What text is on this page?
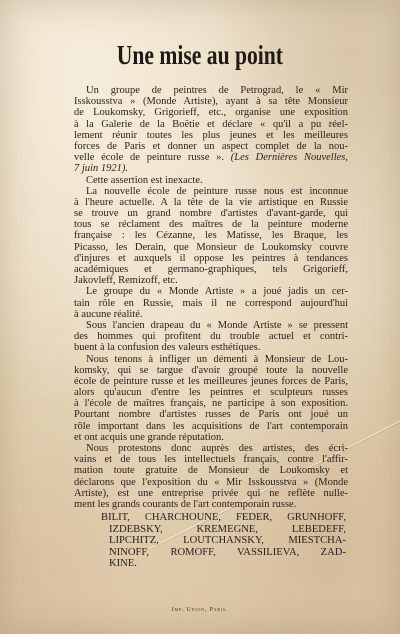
Une mise au point
Un groupe de peintres de Petrograd, le « Mir
Isskousstva » (Monde Artiste), ayant à sa tête Monsieur
de Loukomsky, Grigorieff, etc., organise une exposition
à la Galerie de la Boëtie et déclare « qu'il a pu réel-
lement réunir toutes les plus jeunes et les meilleures
forces de Paris et donner un aspect complet de la nou-
velle école de peinture russe ». (Les Dernières Nouvelles,
7 juin 1921).
Cette assertion est inexacte.
La nouvelle école de peinture russe nous est inconnue
à l'heure actuelle. A la tête de la vie artistique en Russie
se trouve un grand nombre d'artistes d'avant-garde, qui
tous se réclament des maîtres de la peinture moderne
française : les Cézanne, les Matisse, les Braque, les
Picasso, les Derain, que Monsieur de Loukomsky couvre
d'injures et auxquels il oppose les peintres à tendances
académiques et germano-graphiques, tels Grigorieff,
Jakovleff, Remizoff, etc.
Le groupe du « Monde Artiste » a joué jadis un cer-
tain rôle en Russie, mais il ne correspond aujourd'hui
à aucune réalité.
Sous l'ancien drapeau du « Monde Artiste » se pressent
des hommes qui profitent du trouble actuel et contri-
buent à la confusion des valeurs esthétiques.
Nous tenons à infliger un démenti à Monsieur de Lou-
komsky, qui se targue d'avoir groupé toute la nouvelle
école de peinture russe et les meilleures jeunes forces de Paris,
alors qu'aucun d'entre les peintres et sculpteurs russes
à l'école de maîtres français, ne participe à son exposition.
Pourtant nombre d'artistes russes de Paris ont joué un
rôle important dans les acquisitions de l'art contemporain
et ont acquis une grande réputation.
Nous protestons donc auprès des artistes, des écri-
vains et de tous les intellectuels français, contre l'affir-
mation toute gratuite de Monsieur de Loukomsky et
déclarons que l'exposition du « Mir Isskousstva » (Monde
Artiste), est une entreprise privée qui ne reflète nulle-
ment les grands courants de l'art contemporain russe.
BILIT, CHARCHOUNE, FEDER, GRUNHOFF,
IZDEBSKY, KREMEGNE, LEBEDEFF,
LIPCHITZ, LOUTCHANSKY, MIESTCHA-
NINOFF, ROMOFF, VASSILIEVA, ZAD-
KINE.
Imp. Union, Paris.
